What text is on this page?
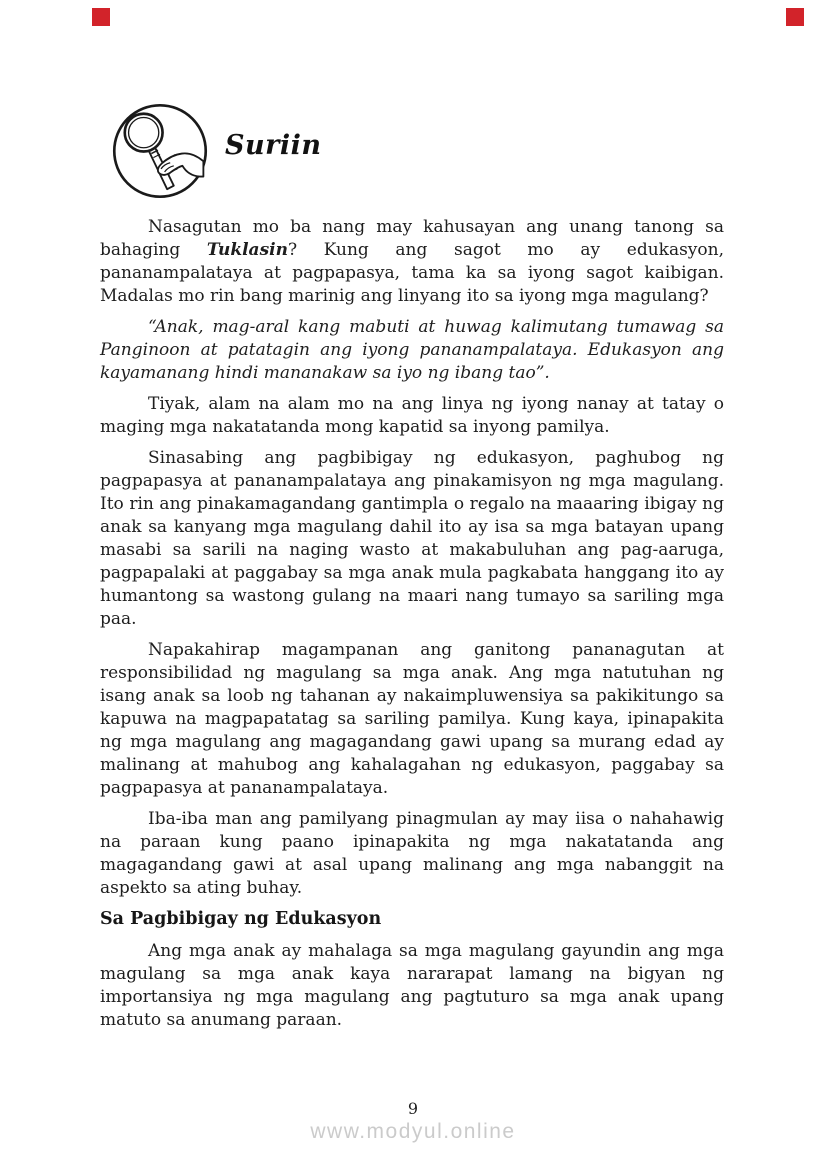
Suriin

Nasagutan mo ba nang may kahusayan ang unang tanong sa bahaging Tuklasin? Kung ang sagot mo ay edukasyon, pananampalataya at pagpapasya, tama ka sa iyong sagot kaibigan. Madalas mo rin bang marinig ang linyang ito sa iyong mga magulang?

“Anak, mag-aral kang mabuti at huwag kalimutang tumawag sa Panginoon at patatagin ang iyong pananampalataya. Edukasyon ang kayamanang hindi mananakaw sa iyo ng ibang tao”.

Tiyak, alam na alam mo na ang linya ng iyong nanay at tatay o maging mga nakatatanda mong kapatid sa inyong pamilya.

Sinasabing ang pagbibigay ng edukasyon, paghubog ng pagpapasya at pananampalataya ang pinakamisyon ng mga magulang. Ito rin ang pinakamagandang gantimpla o regalo na maaaring ibigay ng anak sa kanyang mga magulang dahil ito ay isa sa mga batayan upang masabi sa sarili na naging wasto at makabuluhan ang pag-aaruga, pagpapalaki at paggabay sa mga anak mula pagkabata hanggang ito ay humantong sa wastong gulang na maari nang tumayo sa sariling mga paa.

Napakahirap magampanan ang ganitong pananagutan at responsibilidad ng magulang sa mga anak. Ang mga natutuhan ng isang anak sa loob ng tahanan ay nakaimpluwensiya sa pakikitungo sa kapuwa na magpapatatag sa sariling pamilya. Kung kaya, ipinapakita ng mga magulang ang magagandang gawi upang sa murang edad ay malinang at mahubog ang kahalagahan ng edukasyon, paggabay sa pagpapasya at pananampalataya.

Iba-iba man ang pamilyang pinagmulan ay may iisa o nahahawig na paraan kung paano ipinapakita ng mga nakatatanda ang magagandang gawi at asal upang malinang ang mga nabanggit na aspekto sa ating buhay.

Sa Pagbibigay ng Edukasyon

Ang mga anak ay mahalaga sa mga magulang gayundin ang mga magulang sa mga anak kaya nararapat lamang na bigyan ng importansiya ng mga magulang ang pagtuturo sa mga anak upang matuto sa anumang paraan.

9
www.modyul.online
